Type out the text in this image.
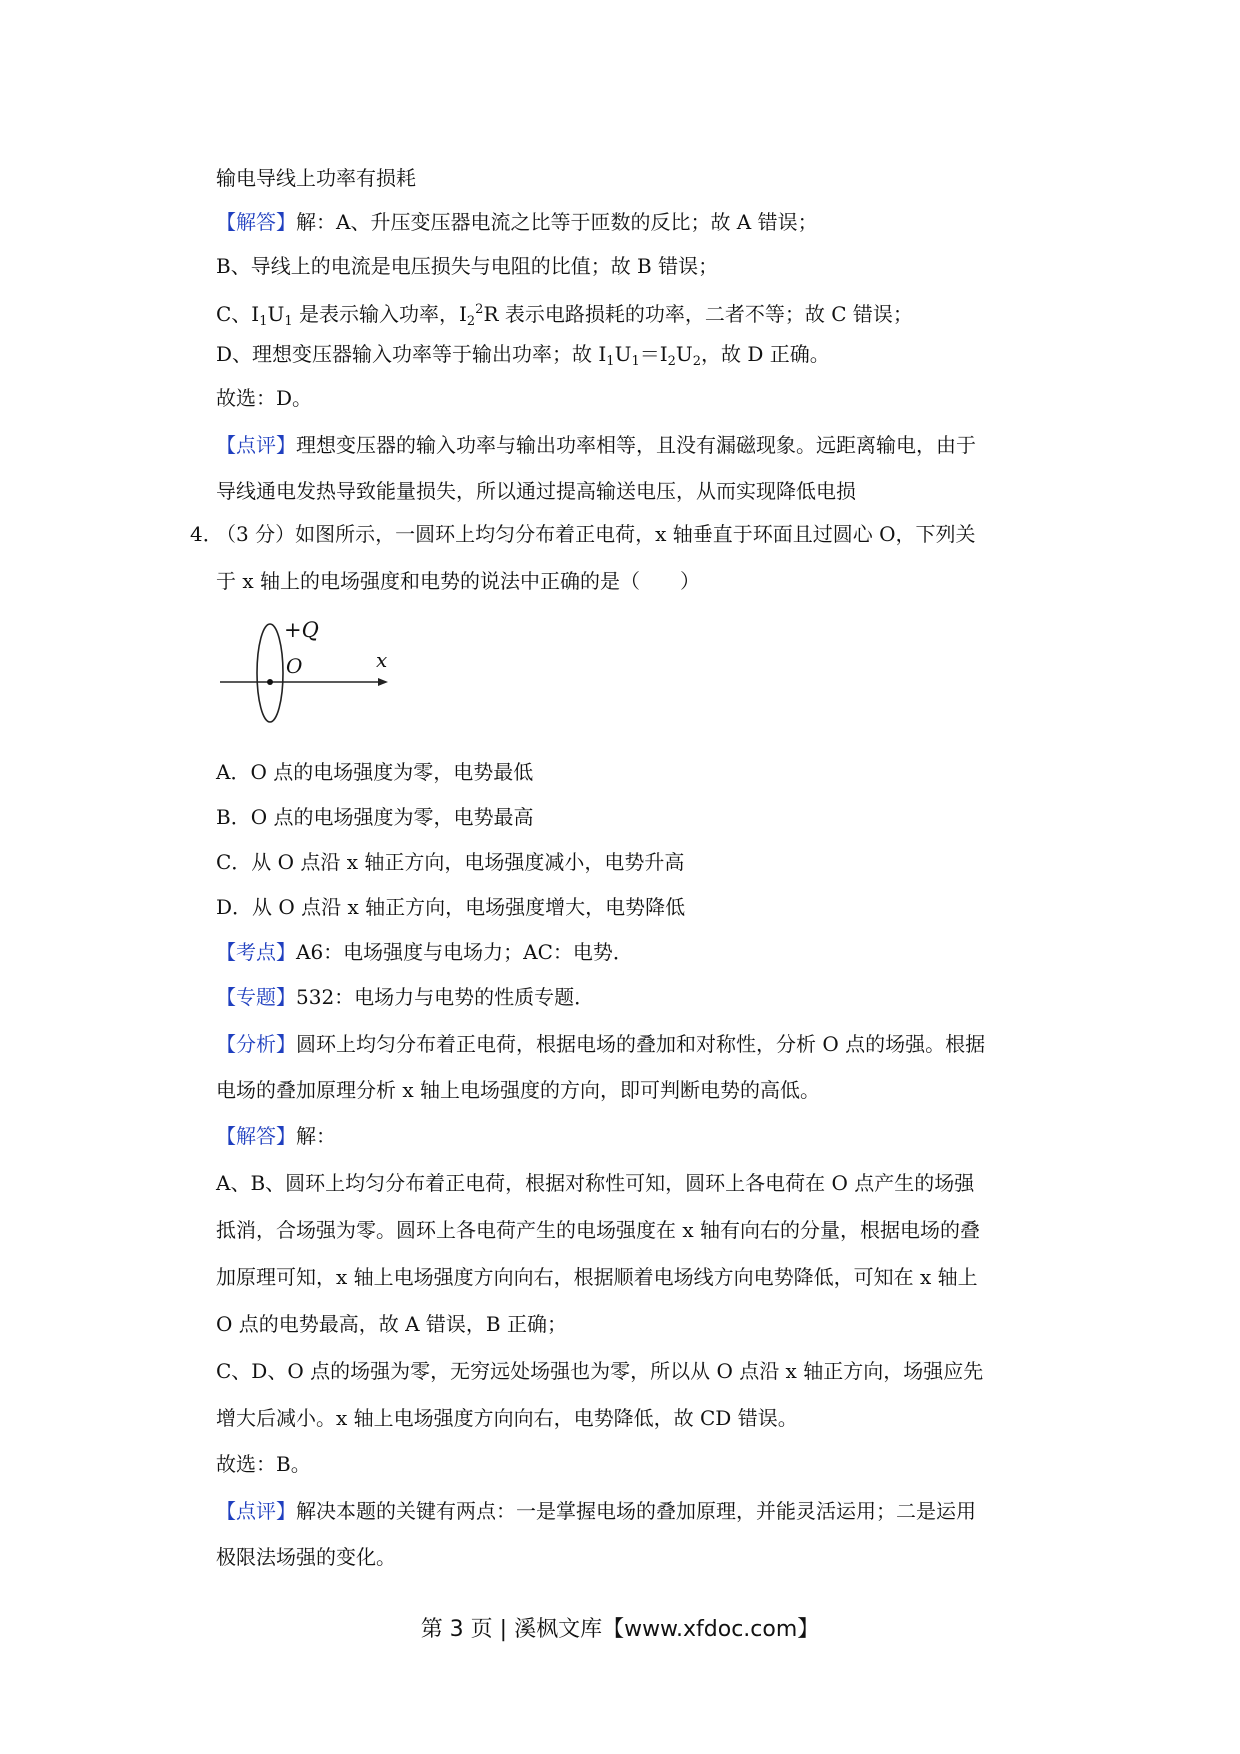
输电导线上功率有损耗
【解答】解：A、升压变压器电流之比等于匝数的反比；故 A 错误；
B、导线上的电流是电压损失与电阻的比值；故 B 错误；
C、$I_1U_1$ 是表示输入功率，$I_2^2R$ 表示电路损耗的功率，二者不等；故 C 错误；
D、理想变压器输入功率等于输出功率；故 $I_1U_1=I_2U_2$，故 D 正确。
故选：D。
【点评】理想变压器的输入功率与输出功率相等，且没有漏磁现象。远距离输电，由于
导线通电发热导致能量损失，所以通过提高输送电压，从而实现降低电损
4．
（3 分）如图所示，一圆环上均匀分布着正电荷，x 轴垂直于环面且过圆心 O，下列关
于 x 轴上的电场强度和电势的说法中正确的是（　　）
+Q
O	x
A．O 点的电场强度为零，电势最低
B．O 点的电场强度为零，电势最高
C．从 O 点沿 x 轴正方向，电场强度减小，电势升高
D．从 O 点沿 x 轴正方向，电场强度增大，电势降低
【考点】A6：电场强度与电场力；AC：电势．
【专题】532：电场力与电势的性质专题．
【分析】圆环上均匀分布着正电荷，根据电场的叠加和对称性，分析 O 点的场强。根据
电场的叠加原理分析 x 轴上电场强度的方向，即可判断电势的高低。
【解答】解：
A、B、圆环上均匀分布着正电荷，根据对称性可知，圆环上各电荷在 O 点产生的场强
抵消，合场强为零。圆环上各电荷产生的电场强度在 x 轴有向右的分量，根据电场的叠
加原理可知，x 轴上电场强度方向向右，根据顺着电场线方向电势降低，可知在 x 轴上
O 点的电势最高，故 A 错误，B 正确；
C、D、O 点的场强为零，无穷远处场强也为零，所以从 O 点沿 x 轴正方向，场强应先
增大后减小。x 轴上电场强度方向向右，电势降低，故 CD 错误。
故选：B。
【点评】解决本题的关键有两点：一是掌握电场的叠加原理，并能灵活运用；二是运用
极限法场强的变化。
第 3 页 | 溪枫文库【www.xfdoc.com】
